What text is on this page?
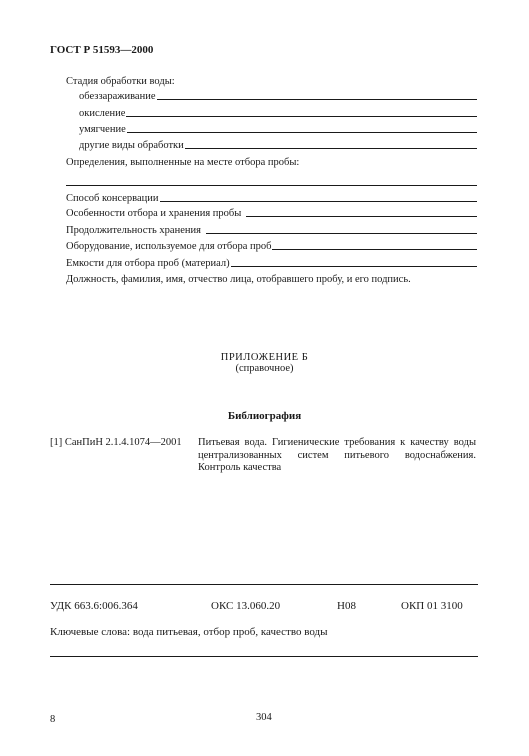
ГОСТ Р 51593—2000
Стадия обработки воды:
обеззараживание
окисление
умягчение
другие виды обработки
Определения, выполненные на месте отбора пробы:
Способ консервации
Особенности отбора и хранения пробы
Продолжительность хранения
Оборудование, используемое для отбора проб
Емкости для отбора проб (материал)
Должность, фамилия, имя, отчество лица, отобравшего пробу, и его подпись.
ПРИЛОЖЕНИЕ Б
(справочное)
Библиография
[1] СанПиН 2.1.4.1074—2001 Питьевая вода. Гигиенические требования к качеству воды централизованных систем питьевого водоснабжения. Контроль качества
УДК 663.6:006.364	ОКС 13.060.20	Н08	ОКП 01 3100
Ключевые слова: вода питьевая, отбор проб, качество воды
8	304
